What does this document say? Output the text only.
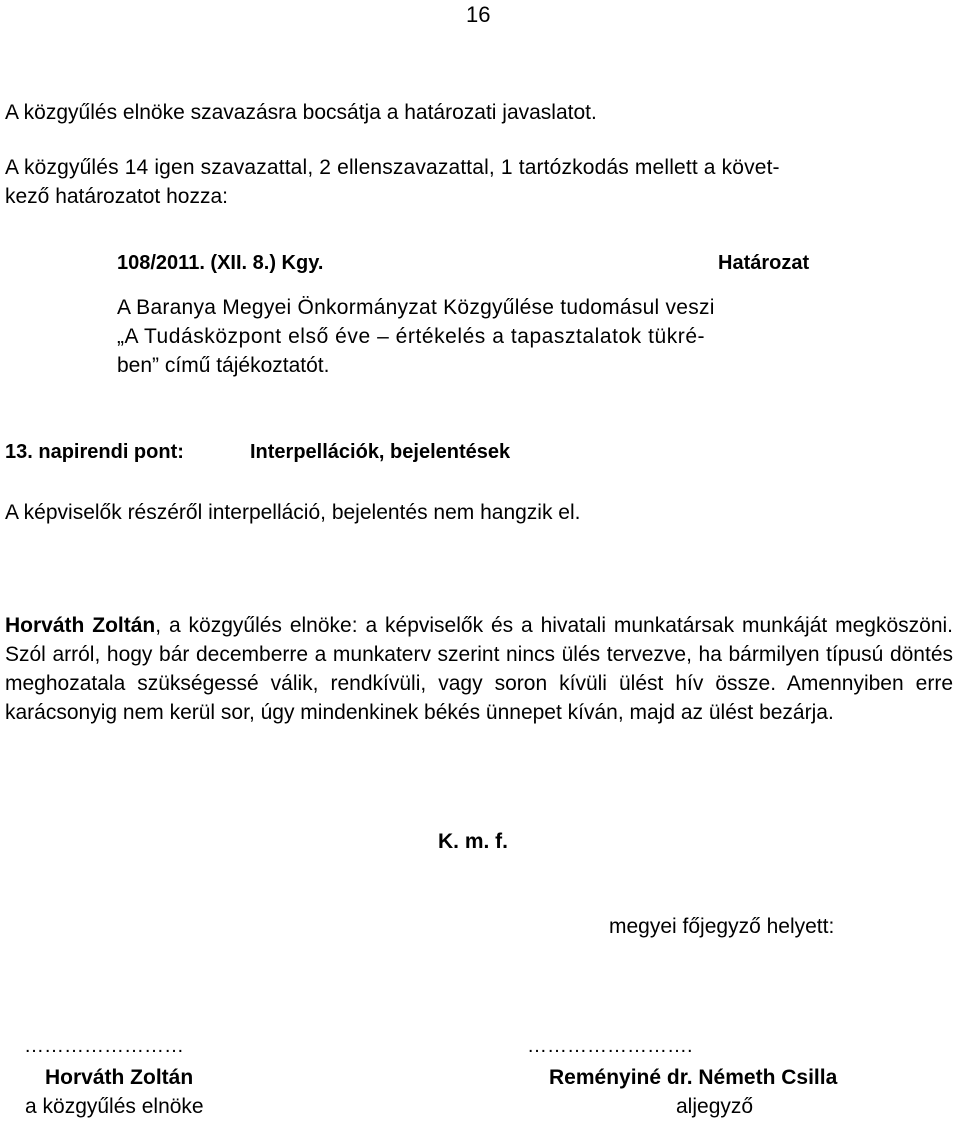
16
A közgyűlés elnöke szavazásra bocsátja a határozati javaslatot.
A közgyűlés 14 igen szavazattal, 2 ellenszavazattal, 1 tartózkodás mellett a követ-
kező határozatot hozza:
108/2011. (XII. 8.) Kgy.	Határozat
A Baranya Megyei Önkormányzat Közgyűlése tudomásul veszi
„A Tudásközpont első éve – értékelés a tapasztalatok tükré-
ben” című tájékoztatót.
13. napirendi pont:	Interpellációk, bejelentések
A képviselők részéről interpelláció, bejelentés nem hangzik el.
Horváth Zoltán, a közgyűlés elnöke: a képviselők és a hivatali munkatársak munkáját megköszöni. Szól arról, hogy bár decemberre a munkaterv szerint nincs ülés tervezve, ha bármilyen típusú döntés meghozatala szükségessé válik, rendkívüli, vagy soron kívüli ülést hív össze. Amennyiben erre karácsonyig nem kerül sor, úgy mindenkinek békés ünnepet kíván, majd az ülést bezárja.
K. m. f.
megyei főjegyző helyett:
……………………
Horváth Zoltán
a közgyűlés elnöke
…………………….
Reményiné dr. Németh Csilla
aljegyző
